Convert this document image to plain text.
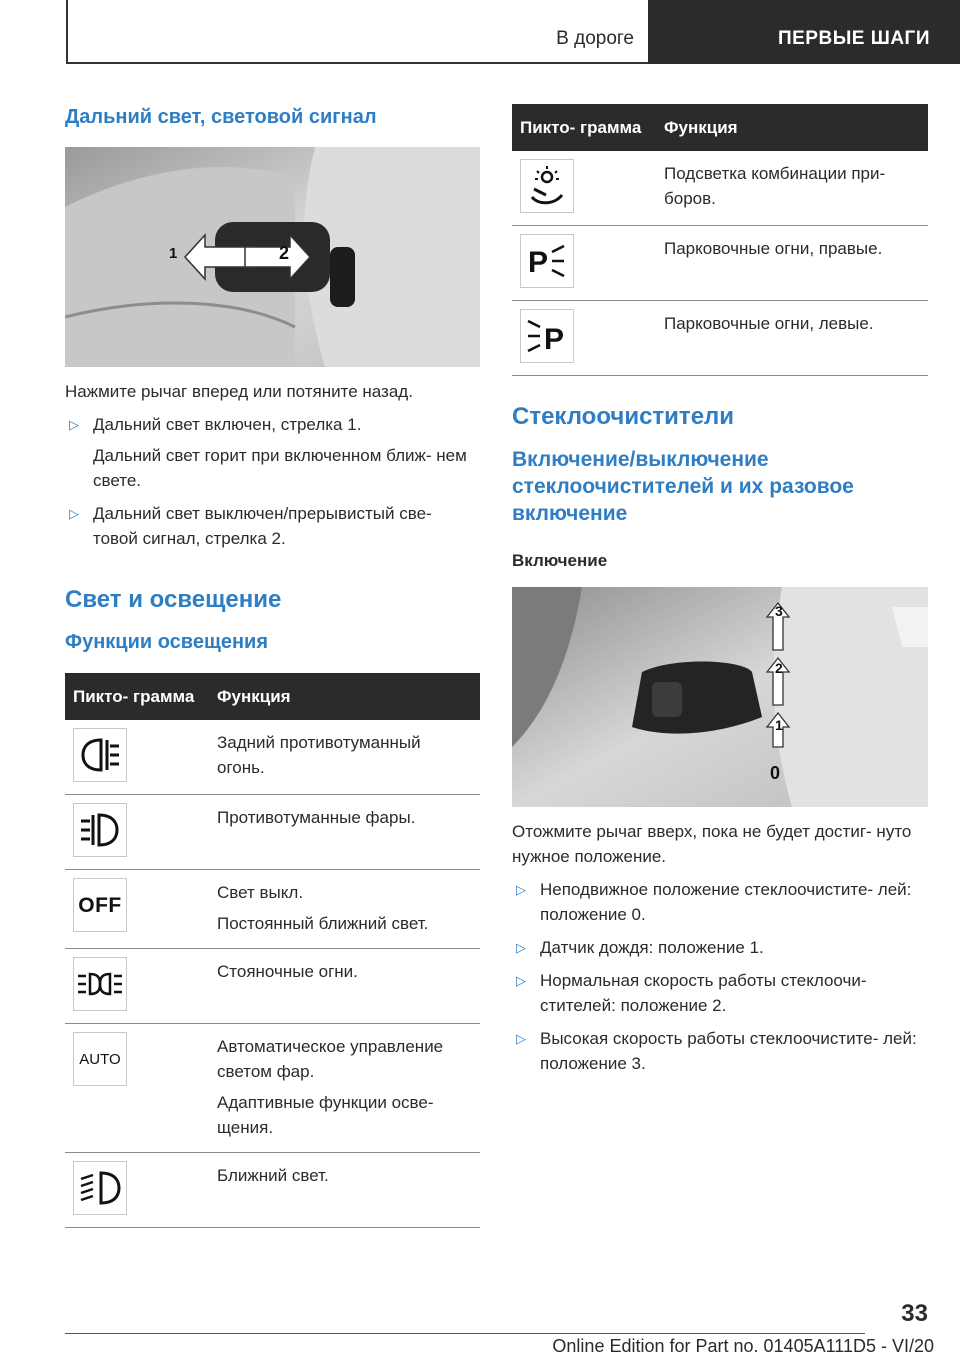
В дороге	ПЕРВЫЕ ШАГИ
Дальний свет, световой сигнал
1	2

Нажмите рычаг вперед или потяните назад.

▷ Дальний свет включен, стрелка 1.
Дальний свет горит при включенном ближ- нем свете.
▷ Дальний свет выключен/прерывистый све- товой сигнал, стрелка 2.
Свет и освещение
Функции освещения
Пикто- грамма	Функция

Задний противотуманный огонь.

Противотуманные фары.

OFF	Свет выкл.
Постоянный ближний свет.

Стояночные огни.

AUTO	Автоматическое управление светом фар.
Адаптивные функции осве- щения.

Ближний свет.
Пикто- грамма	Функция

Подсветка комбинации при- боров.

P	Парковочные огни, правые.

P	Парковочные огни, левые.
Стеклоочистители
Включение/выключение стеклоочистителей и их разовое включение
Включение
3
2
1
0

Отожмите рычаг вверх, пока не будет достиг- нуто нужное положение.

▷ Неподвижное положение стеклоочистите- лей: положение 0.
▷ Датчик дождя: положение 1.
▷ Нормальная скорость работы стеклоочи- стителей: положение 2.
▷ Высокая скорость работы стеклоочистите- лей: положение 3.
33
Online Edition for Part no. 01405A111D5 - VI/20
